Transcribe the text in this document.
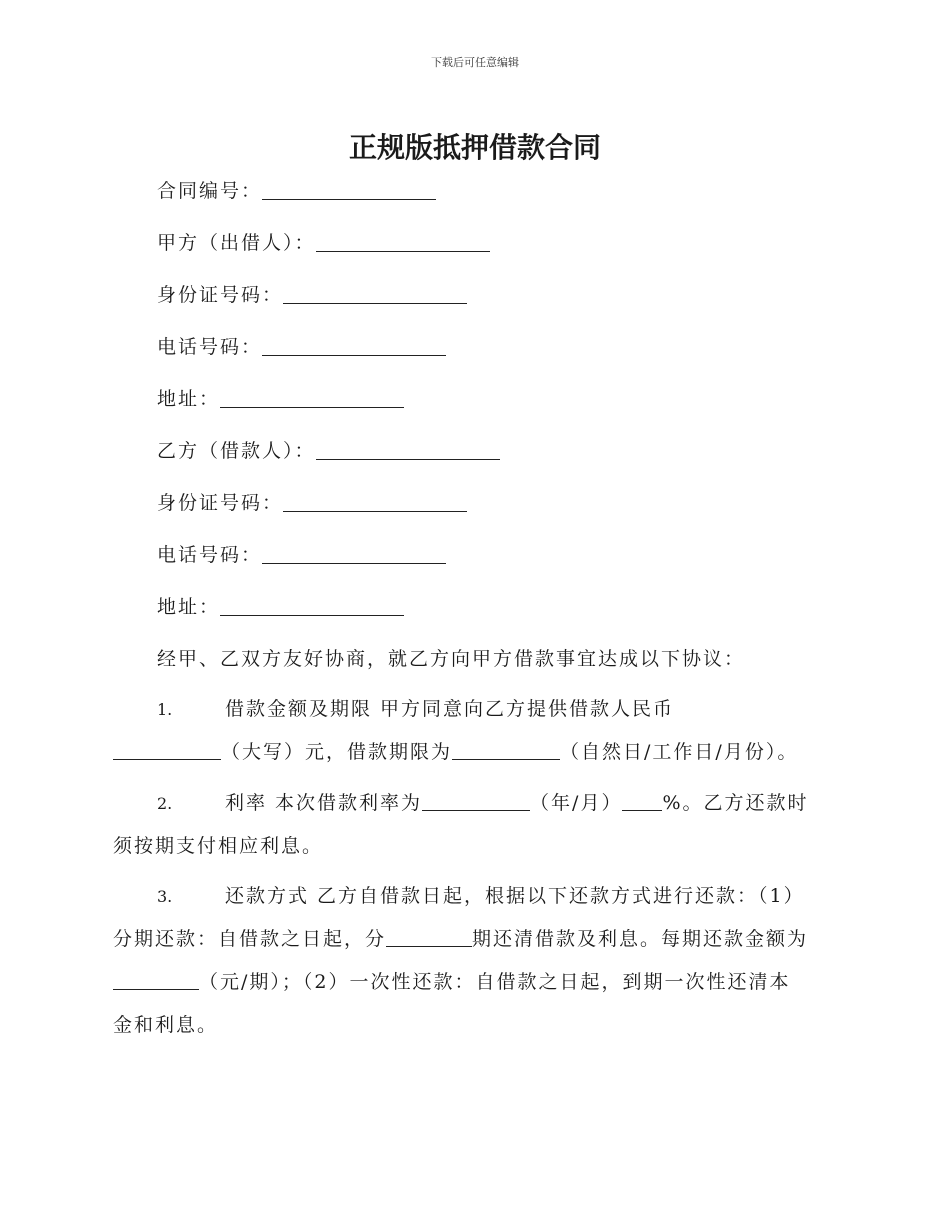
下载后可任意编辑
正规版抵押借款合同
合同编号：
甲方（出借人）：
身份证号码：
电话号码：
地址：
乙方（借款人）：
身份证号码：
电话号码：
地址：
经甲、乙双方友好协商，就乙方向甲方借款事宜达成以下协议：
1.	借款金额及期限 甲方同意向乙方提供借款人民币
（大写）元，借款期限为	（自然日/工作日/月份）。
2.	利率 本次借款利率为	（年/月） %。乙方还款时
须按期支付相应利息。
3.	还款方式 乙方自借款日起，根据以下还款方式进行还款：（1）
分期还款：自借款之日起，分	期还清借款及利息。每期还款金额为
（元/期）；（2）一次性还款：自借款之日起，到期一次性还清本
金和利息。
